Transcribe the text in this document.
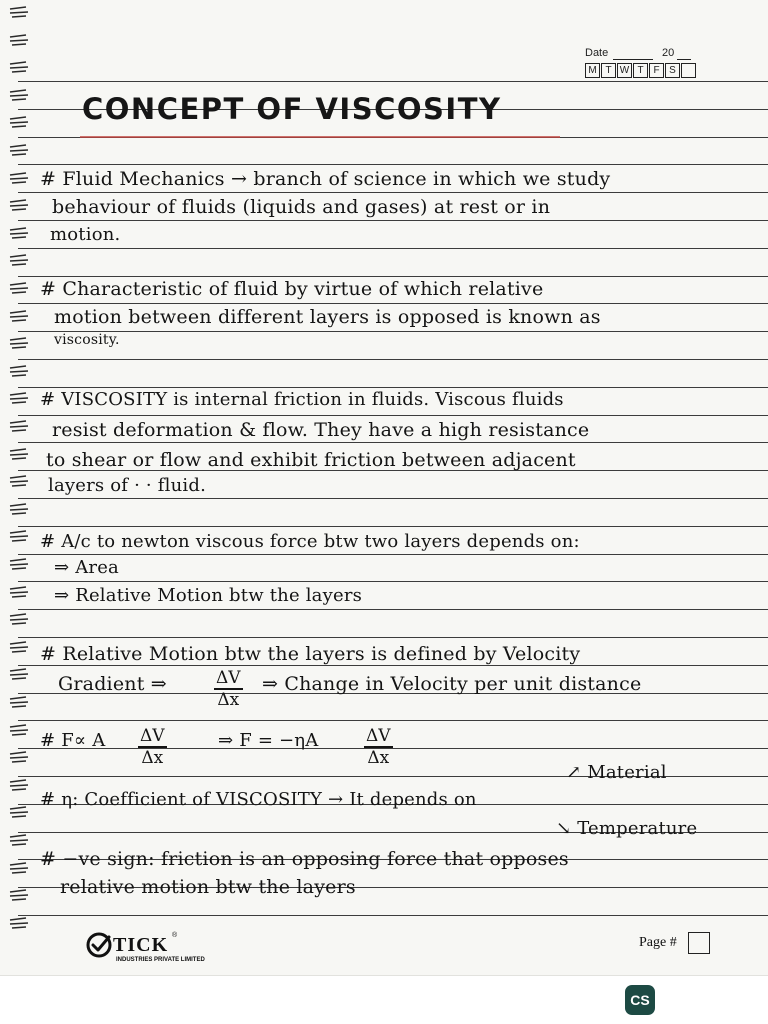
Date	20
M T W T F S
CONCEPT OF VISCOSITY
# Fluid Mechanics → branch of science in which we study
behaviour of fluids (liquids and gases) at rest or in
motion.
# Characteristic of fluid by virtue of which relative
motion between different layers is opposed is known as
viscosity.
# VISCOSITY is internal friction in fluids. Viscous fluids
resist deformation & flow. They have a high resistance
to shear or flow and exhibit friction between adjacent
layers of · · fluid.
# A/c to newton viscous force btw two layers depends on:
⇒ Area
⇒ Relative Motion btw the layers
# Relative Motion btw the layers is defined by Velocity
Gradient ⇒	$\frac{\Delta V}{\Delta x}$ ⇒ Change in Velocity per unit distance
# F∝ A $\frac{\Delta V}{\Delta x}$	⇒ F = −ηA	$\frac{\Delta V}{\Delta x}$
↗ Material
# η: Coefficient of VISCOSITY → It depends on
↘ Temperature
# −ve sign: friction is an opposing force that opposes
relative motion btw the layers
TICK ®
INDUSTRIES PRIVATE LIMITED
Page #
CS
